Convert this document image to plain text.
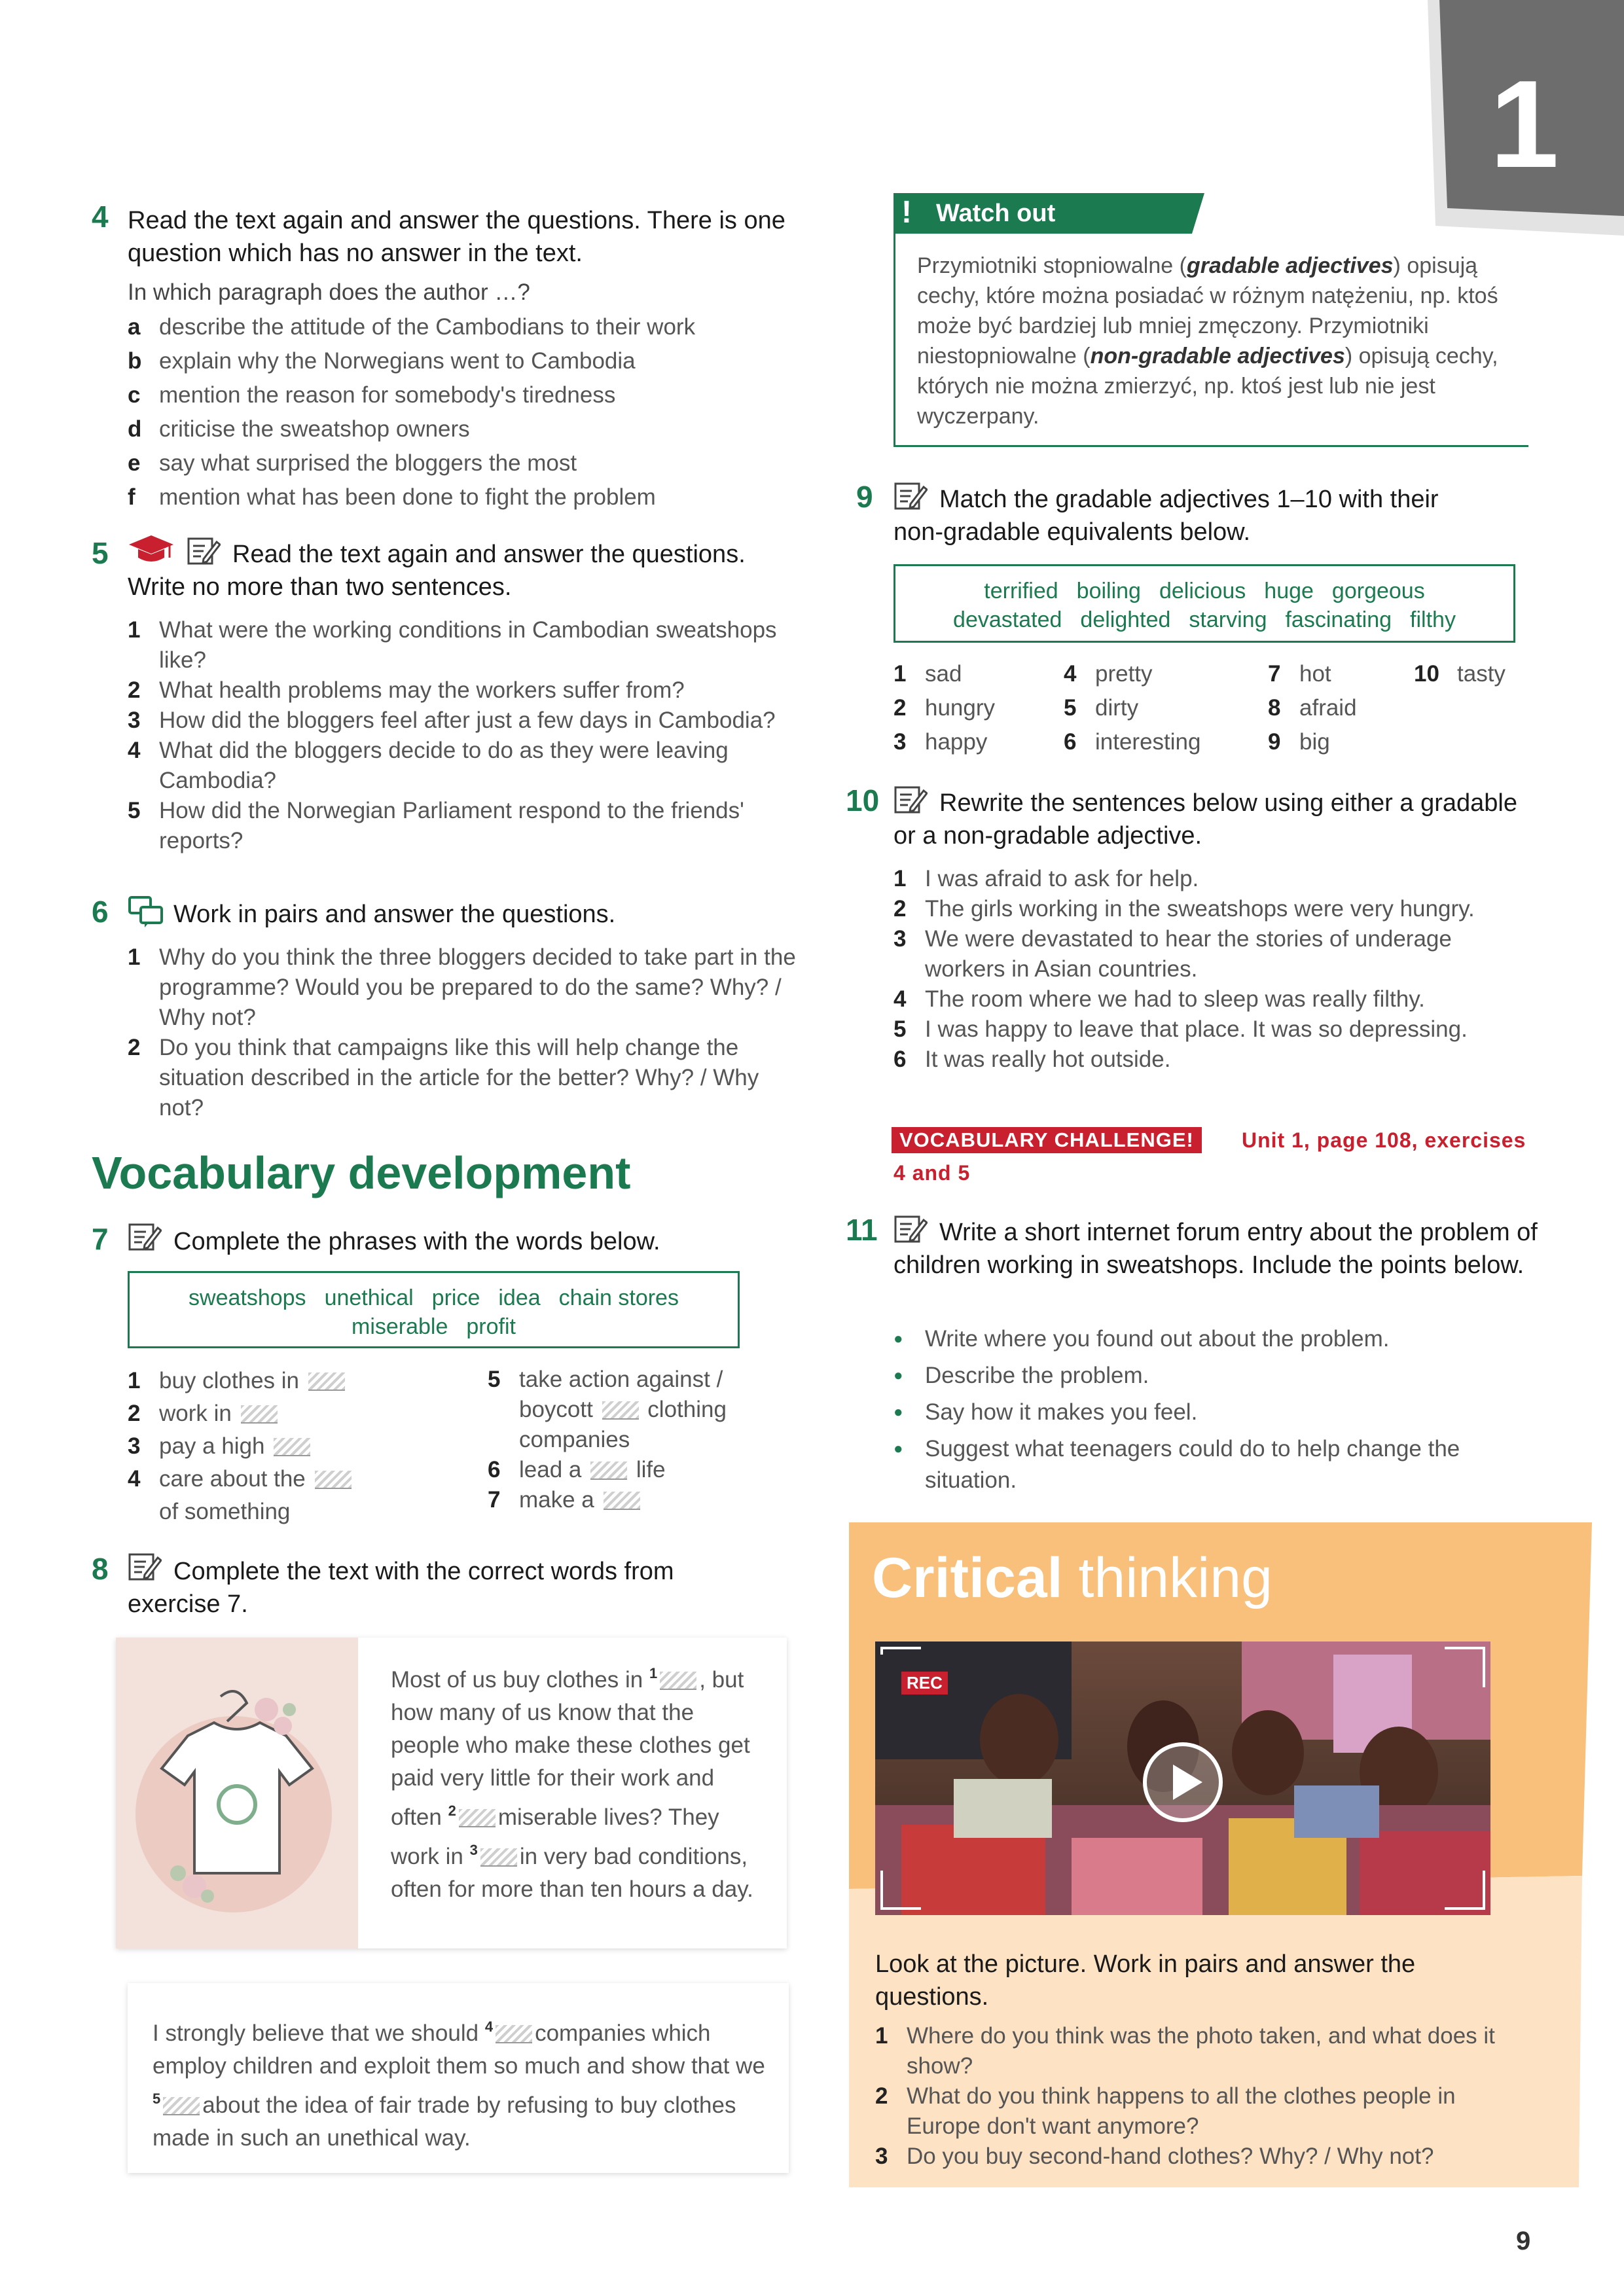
1
4 Read the text again and answer the questions. There is one question which has no answer in the text.
In which paragraph does the author …?
a describe the attitude of the Cambodians to their work
b explain why the Norwegians went to Cambodia
c mention the reason for somebody's tiredness
d criticise the sweatshop owners
e say what surprised the bloggers the most
f	mention what has been done to fight the problem
5	Read the text again and answer the questions. Write no more than two sentences.
1 What were the working conditions in Cambodian sweatshops like?
2 What health problems may the workers suffer from?
3 How did the bloggers feel after just a few days in Cambodia?
4 What did the bloggers decide to do as they were leaving Cambodia?
5 How did the Norwegian Parliament respond to the friends' reports?
6	Work in pairs and answer the questions.
1 Why do you think the three bloggers decided to take part in the programme? Would you be prepared to do the same? Why? / Why not?
2 Do you think that campaigns like this will help change the situation described in the article for the better? Why? / Why not?
Vocabulary development
7	Complete the phrases with the words below.
sweatshops unethical price idea chain stores
miserable profit
1 buy clothes in
2 work in
3 pay a high
4 care about the
of something
5 take action against /
boycott  clothing
companies
6 lead a  life
7 make a
8	Complete the text with the correct words from exercise 7.
Most of us buy clothes in $^1$ , but how many of us know that the people who make these clothes get paid very little for their work and often $^2$ miserable lives? They work in $^3$ in very bad conditions, often for more than ten hours a day.
I strongly believe that we should $^4$ companies which employ children and exploit them so much and show that we $^5$ about the idea of fair trade by refusing to buy clothes made in such an unethical way.
! Watch out
Przymiotniki stopniowalne (gradable adjectives) opisują cechy, które można posiadać w różnym natężeniu, np. ktoś może być bardziej lub mniej zmęczony. Przymiotniki niestopniowalne (non-gradable adjectives) opisują cechy, których nie można zmierzyć, np. ktoś jest lub nie jest wyczerpany.
9	Match the gradable adjectives 1–10 with their non-gradable equivalents below.
terrified boiling delicious huge gorgeous
devastated delighted starving fascinating filthy
1 sad
2 hungry
3 happy
4 pretty
5 dirty
6 interesting
7 hot
8 afraid
9 big
10 tasty
10	Rewrite the sentences below using either a gradable or a non-gradable adjective.
1 I was afraid to ask for help.
2 The girls working in the sweatshops were very hungry.
3 We were devastated to hear the stories of underage workers in Asian countries.
4 The room where we had to sleep was really filthy.
5 I was happy to leave that place. It was so depressing.
6 It was really hot outside.
VOCABULARY CHALLENGE!	Unit 1, page 108, exercises
4 and 5
11	Write a short internet forum entry about the problem of children working in sweatshops. Include the points below.
● Write where you found out about the problem.
● Describe the problem.
● Say how it makes you feel.
● Suggest what teenagers could do to help change the situation.
Critical thinking
REC
Look at the picture. Work in pairs and answer the questions.
1 Where do you think was the photo taken, and what does it show?
2 What do you think happens to all the clothes people in Europe don't want anymore?
3 Do you buy second-hand clothes? Why? / Why not?
9
